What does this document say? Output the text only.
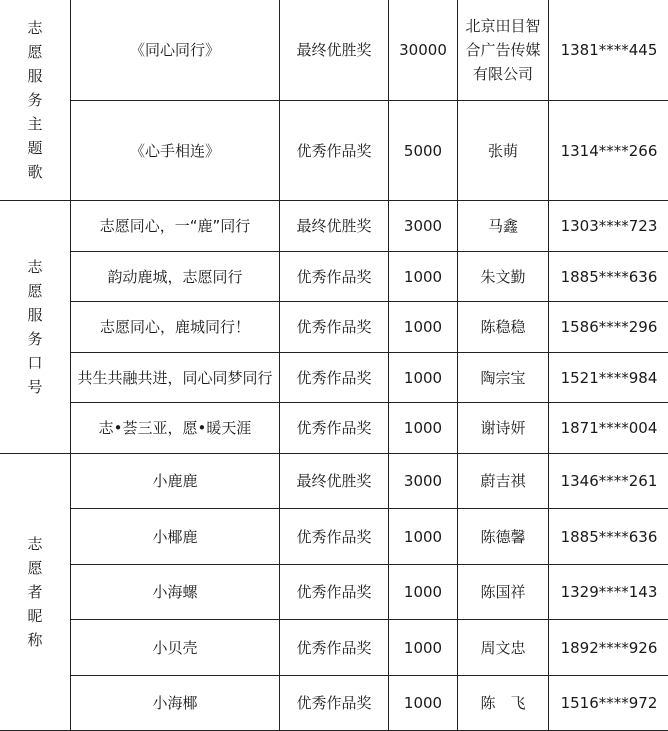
志愿服务主题歌	《同心同行》	最终优胜奖	30000	北京田目智合广告传媒有限公司	1381****445
	《心手相连》	优秀作品奖	5000	张萌	1314****266

志愿服务口号	志愿同心，一“鹿”同行	最终优胜奖	3000	马鑫	1303****723
	韵动鹿城，志愿同行	优秀作品奖	1000	朱文勤	1885****636
	志愿同心，鹿城同行！	优秀作品奖	1000	陈稳稳	1586****296
	共生共融共进，同心同梦同行	优秀作品奖	1000	陶宗宝	1521****984
	志•荟三亚，愿•暖天涯	优秀作品奖	1000	谢诗妍	1871****004

志愿者昵称	小鹿鹿	最终优胜奖	3000	蔚吉祺	1346****261
	小椰鹿	优秀作品奖	1000	陈德馨	1885****636
	小海螺	优秀作品奖	1000	陈国祥	1329****143
	小贝壳	优秀作品奖	1000	周文忠	1892****926
	小海椰	优秀作品奖	1000	陈　飞	1516****972
